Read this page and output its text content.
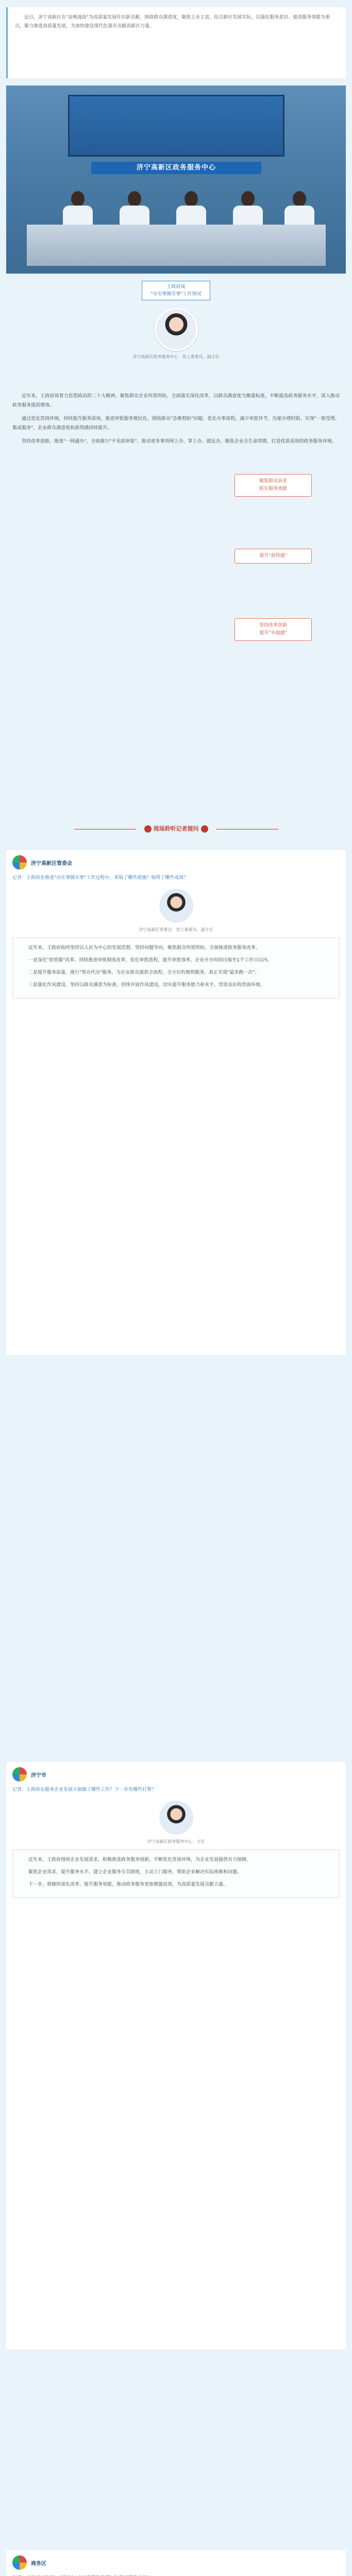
近日，济宁高新区在"奋楫逐浪"为高质量发展作出新贡献，围绕群众满意度，聚焦主业主责，结合新区发展实际，以强化服务意识、提高服务效能为重点，聚力推进高质量发展，为加快建设现代化强市贡献高新区力量。

济宁高新区政务服务中心
王政府谈
"办实事做实事"工作情况
济宁高新区政务服务中心　 党工委委员、副主任

近年来，王政府谈着力思想政治的二十大精神，聚焦群众企业所需所盼，全面落实深化改革，以群众满意度为衡量标准，不断提高政务服务水平，深入推动政务服务提质增效。

通过优化营商环境，持续提升服务质效，推进审批服务便民化，围绕群众"急难愁盼"问题，优化办事流程，减少审批环节，压缩办理时限，实现"一窗受理、集成服务"，企业群众满意度和获得感持续提升。

坚持改革创新，推进"一网通办"，全面推行"不见面审批"，推动更多事项网上办、掌上办、就近办。聚焦企业全生命周期，打造优质高效的政务服务环境。

聚焦群众诉求
抓实服务效能
提升"获得感"
坚持改革创新
提升"幸福感"
现场聆听记者提问
济宁高新区管委会
记者：王政府在推进"办实事做实事"工作过程中，采取了哪些措施？取得了哪些成效？
济宁高新区管委会　 党工委委员、副主任

近年来，王政府始终坚持以人民为中心的发展思想，坚持问题导向，聚焦群众所需所盼，全面推进政务服务改革。

一是深化"放管服"改革。持续推进审批制度改革，优化审批流程，提升审批效率，企业开办时间压缩至1个工作日以内。

二是提升服务质量。推行"帮办代办"服务，为企业群众提供全流程、全方位的便利服务，真正实现"最多跑一次"。

三是强化作风建设。坚持以群众满意为标准，持续开展作风建设，切实提升服务能力和水平，营造良好的营商环境。

济宁市
记者：王政府在服务企业发展方面做了哪些工作？下一步有哪些打算？
济宁高新区政务服务中心　 主任

近年来，王政府围绕企业发展需求，积极推进政务服务创新，不断优化营商环境，为企业发展提供有力保障。

聚焦企业需求，提升服务水平。建立企业服务专员制度，主动上门服务，帮助企业解决实际困难和问题。

下一步，将继续深化改革，提升服务效能，推动政务服务更加便捷高效，为高质量发展贡献力量。

商务区
